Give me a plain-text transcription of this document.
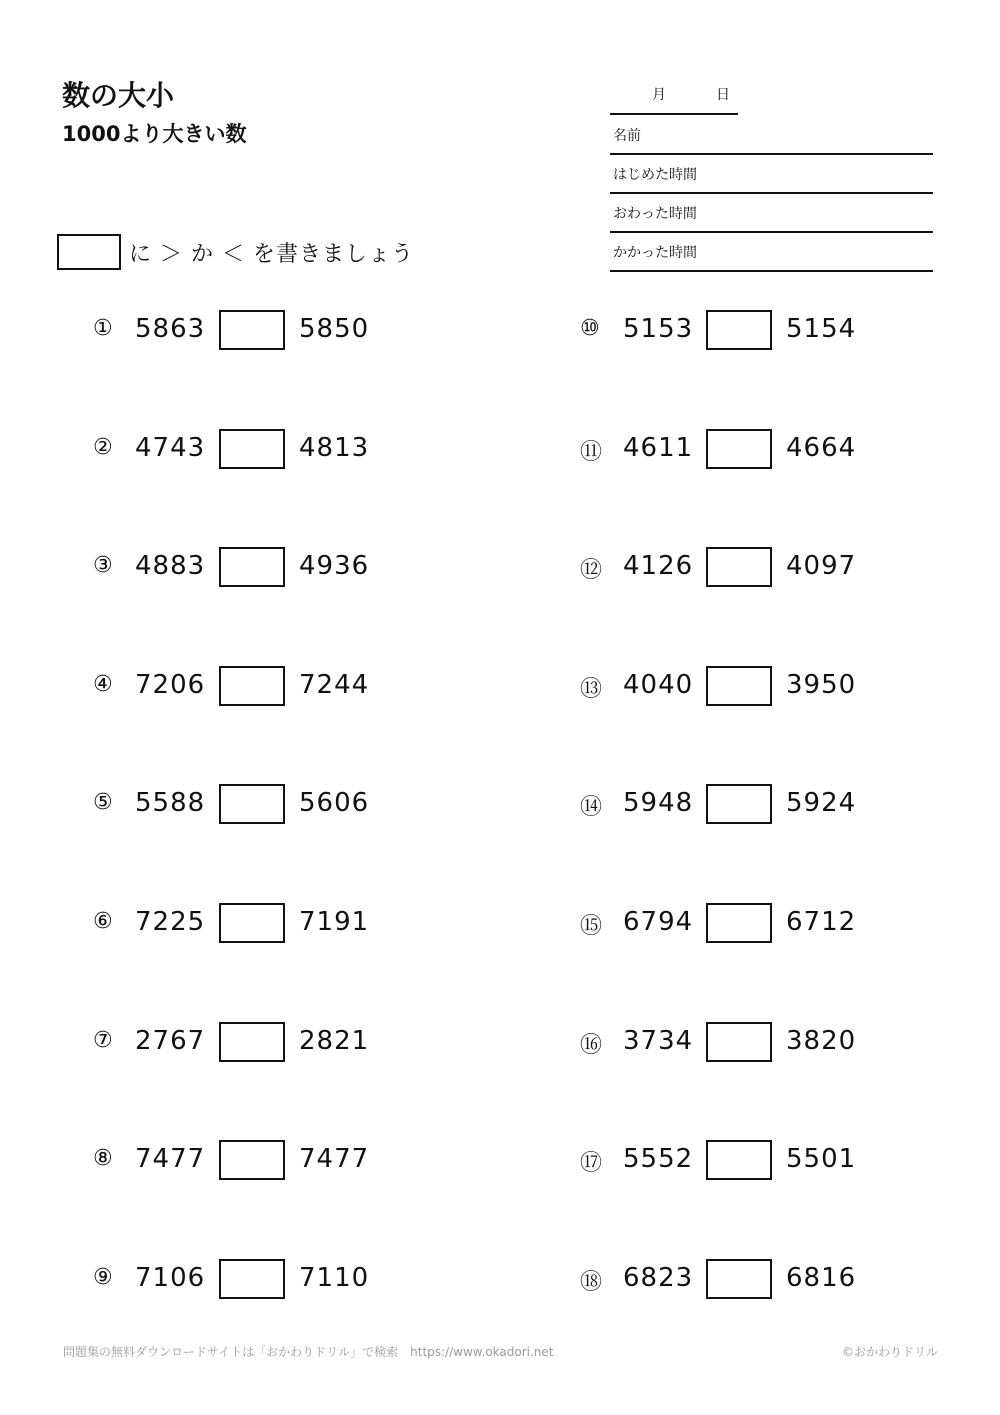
数の大小
1000より大きい数
月	日
名前
はじめた時間
おわった時間
かかった時間
に ＞ か ＜ を書きましょう
① 5863	5850
② 4743	4813
③ 4883	4936
④ 7206	7244
⑤ 5588	5606
⑥ 7225	7191
⑦ 2767	2821
⑧ 7477	7477
⑨ 7106	7110
⑩ 5153	5154
⑪ 4611	4664
⑫ 4126	4097
⑬ 4040	3950
⑭ 5948	5924
⑮ 6794	6712
⑯ 3734	3820
⑰ 5552	5501
⑱ 6823	6816
問題集の無料ダウンロードサイトは「おかわりドリル」で検索　https://www.okadori.net	©おかわりドリル
